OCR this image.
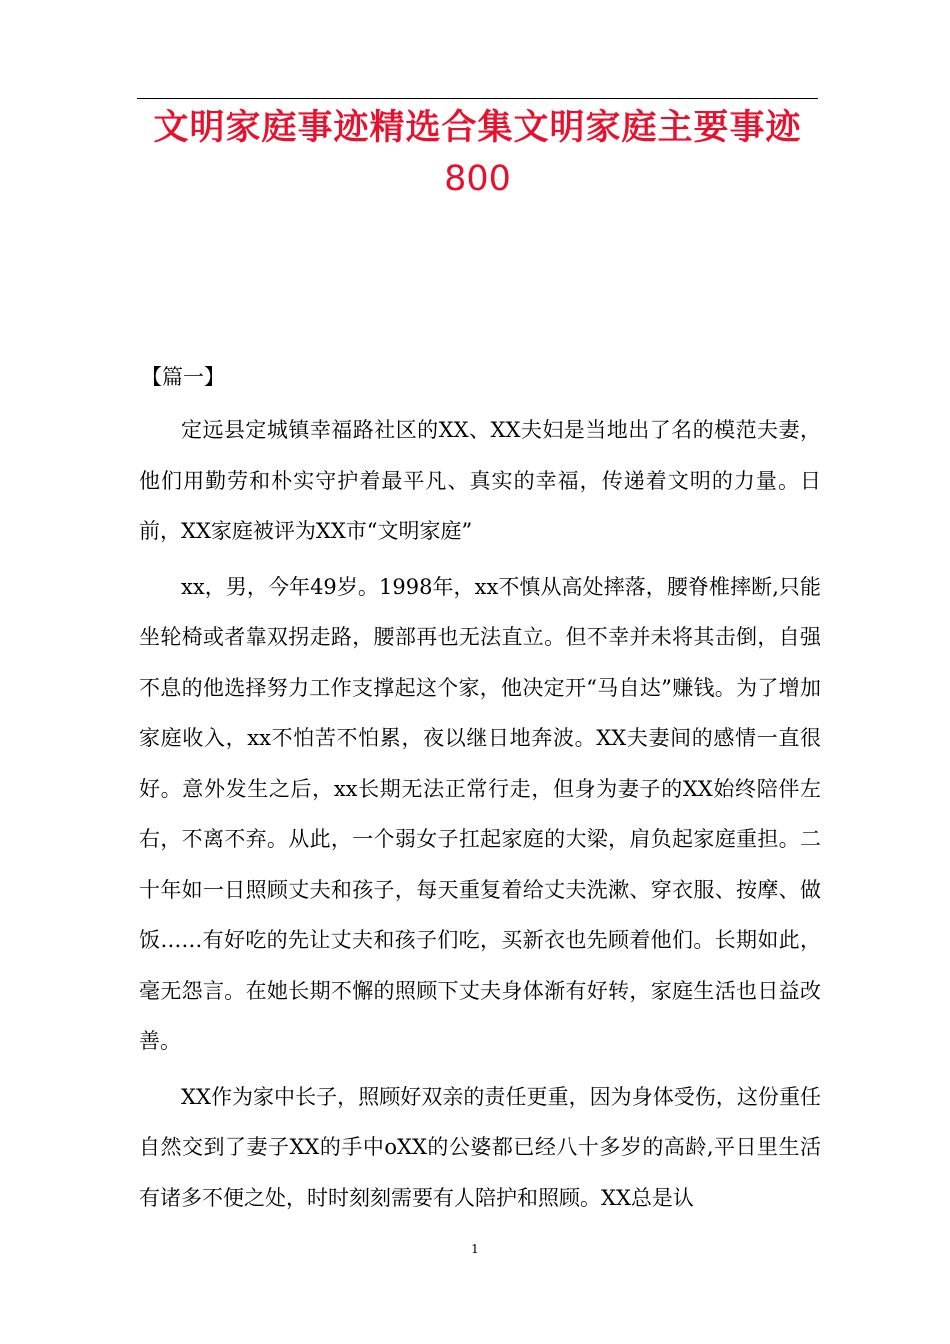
文明家庭事迹精选合集文明家庭主要事迹
800
【篇一】

定远县定城镇幸福路社区的XX、XX夫妇是当地出了名的模范夫妻，他们用勤劳和朴实守护着最平凡、真实的幸福，传递着文明的力量。日前，XX家庭被评为XX市“文明家庭”

xx，男，今年49岁。1998年，xx不慎从高处摔落，腰脊椎摔断,只能坐轮椅或者靠双拐走路，腰部再也无法直立。但不幸并未将其击倒，自强不息的他选择努力工作支撑起这个家，他决定开“马自达”赚钱。为了增加家庭收入，xx不怕苦不怕累，夜以继日地奔波。XX夫妻间的感情一直很好。意外发生之后，xx长期无法正常行走，但身为妻子的XX始终陪伴左右，不离不弃。从此，一个弱女子扛起家庭的大梁，肩负起家庭重担。二十年如一日照顾丈夫和孩子，每天重复着给丈夫洗漱、穿衣服、按摩、做饭……有好吃的先让丈夫和孩子们吃，买新衣也先顾着他们。长期如此，毫无怨言。在她长期不懈的照顾下丈夫身体渐有好转，家庭生活也日益改善。

XX作为家中长子，照顾好双亲的责任更重，因为身体受伤，这份重任自然交到了妻子XX的手中oXX的公婆都已经八十多岁的高龄,平日里生活有诸多不便之处，时时刻刻需要有人陪护和照顾。XX总是认

1
